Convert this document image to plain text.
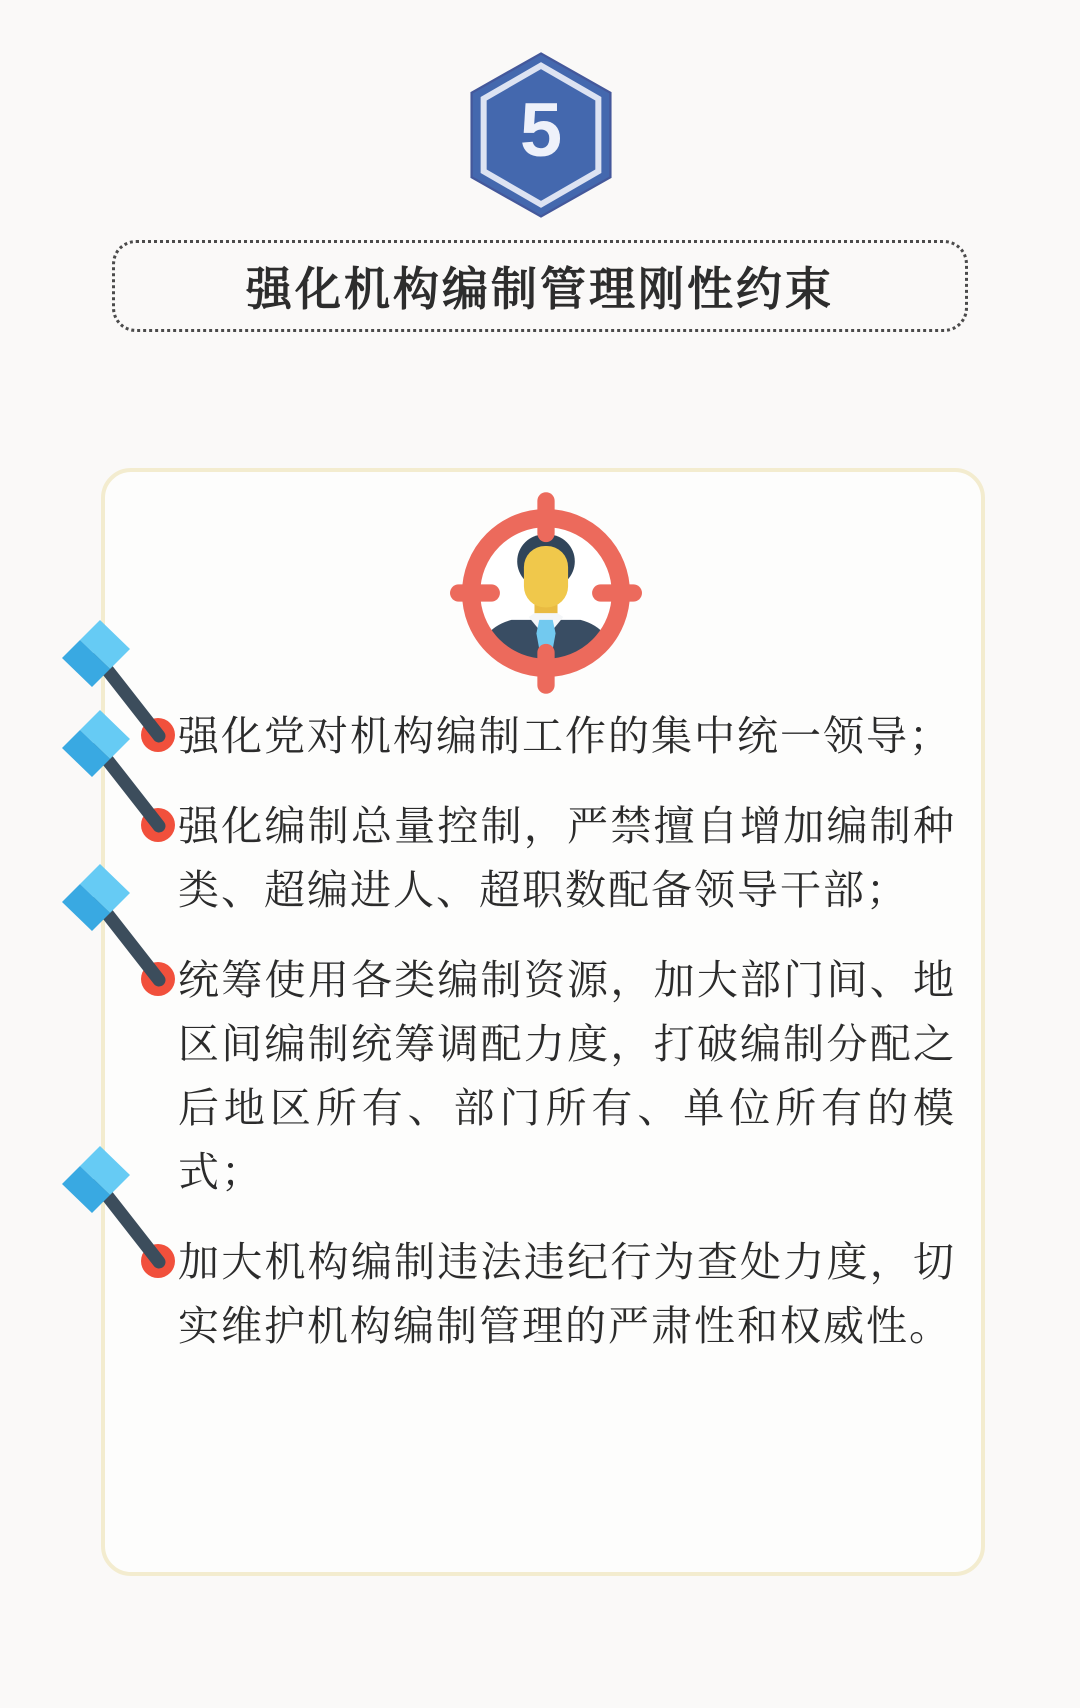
5
强化机构编制管理刚性约束
强化党对机构编制工作的集中统一领导；
强化编制总量控制，严禁擅自增加编制种类、超编进人、超职数配备领导干部；
统筹使用各类编制资源，加大部门间、地区间编制统筹调配力度，打破编制分配之后地区所有、部门所有、单位所有的模式；
加大机构编制违法违纪行为查处力度，切实维护机构编制管理的严肃性和权威性。
